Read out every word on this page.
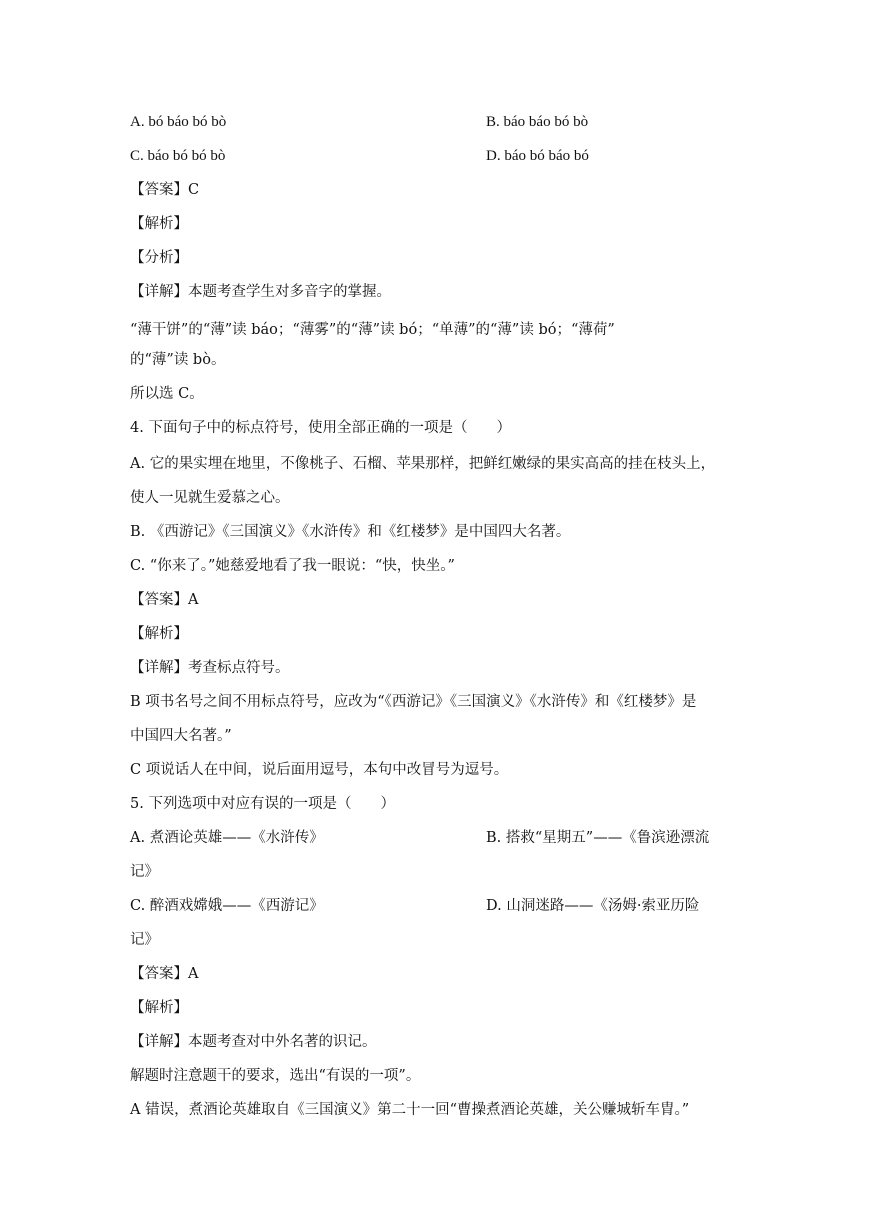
A. bó báo bó bò	B. báo báo bó bò
C. báo bó bó bò	D. báo bó báo bó
【答案】C
【解析】
【分析】
【详解】本题考查学生对多音字的掌握。
“薄干饼”的“薄”读 báo；“薄雾”的“薄”读 bó；“单薄”的“薄”读 bó；“薄荷”
的“薄”读 bò。
所以选 C。
4. 下面句子中的标点符号，使用全部正确的一项是（　　）
A. 它的果实埋在地里，不像桃子、石榴、苹果那样，把鲜红嫩绿的果实高高的挂在枝头上，
使人一见就生爱慕之心。
B. 《西游记》《三国演义》《水浒传》和《红楼梦》是中国四大名著。
C. “你来了。”她慈爱地看了我一眼说：“快，快坐。”
【答案】A
【解析】
【详解】考查标点符号。
B 项书名号之间不用标点符号，应改为“《西游记》《三国演义》《水浒传》和《红楼梦》是
中国四大名著。”
C 项说话人在中间，说后面用逗号，本句中改冒号为逗号。
5. 下列选项中对应有误的一项是（　　）
A. 煮酒论英雄——《水浒传》	B. 搭救“星期五”——《鲁滨逊漂流
记》
C. 醉酒戏嫦娥——《西游记》	D. 山洞迷路——《汤姆·索亚历险
记》
【答案】A
【解析】
【详解】本题考查对中外名著的识记。
解题时注意题干的要求，选出“有误的一项”。
A 错误，煮酒论英雄取自《三国演义》第二十一回“曹操煮酒论英雄，关公赚城斩车胄。”
